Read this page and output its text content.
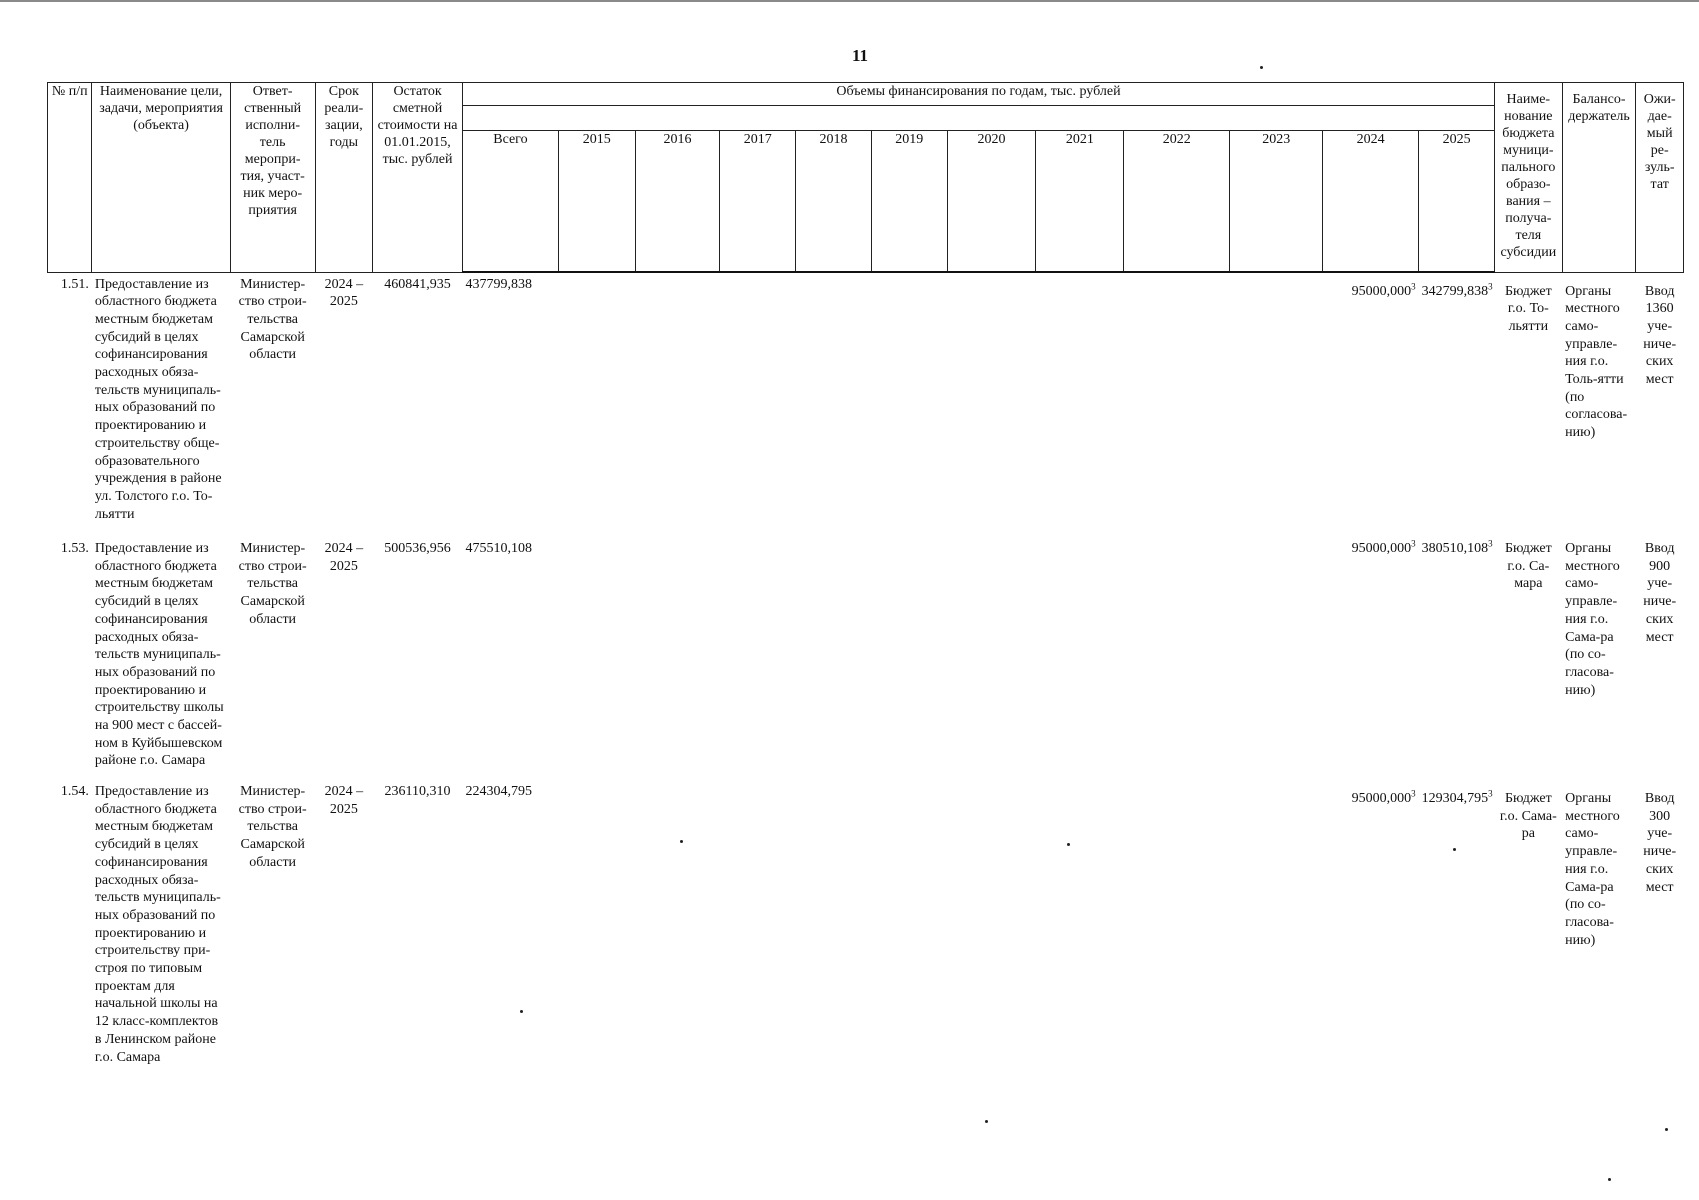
11
№ п/п	Наименование цели, задачи, мероприятия (объекта)	Ответ-ственный исполни-тель меропри-тия, участ-ник меро-приятия	Срок реали-зации, годы	Остаток сметной стоимости на 01.01.2015, тыс. рублей	Объемы финансирования по годам, тыс. рублей												Наиме-нование бюджета муници-пального образо-вания – получа-теля субсидии	Балансо-держатель	Ожи-дае-мый ре-зуль-тат

					Всего	2015	2016	2017	2018	2019	2020	2021	2022	2023	2024	2025			
1.51.	Предоставление из областного бюджета местным бюджетам субсидий в целях софинансирования расходных обяза-тельств муниципаль-ных образований по проектированию и строительству обще-образовательного учреждения в районе ул. Толстого г.о. То-льятти	Министер-ство строи-тельства Самарской области	2024 – 2025	460841,935	437799,838										95000,000$^3$	342799,838$^3$	Бюджет г.о. То-льятти	Органы местного само-управле-ния г.о. Толь-ятти (по согласова-нию)	Ввод 1360 уче-ниче-ских мест
1.53.	Предоставление из областного бюджета местным бюджетам субсидий в целях софинансирования расходных обяза-тельств муниципаль-ных образований по проектированию и строительству школы на 900 мест с бассей-ном в Куйбышевском районе г.о. Самара	Министер-ство строи-тельства Самарской области	2024 – 2025	500536,956	475510,108										95000,000$^3$	380510,108$^3$	Бюджет г.о. Са-мара	Органы местного само-управле-ния г.о. Сама-ра (по со-гласова-нию)	Ввод 900 уче-ниче-ских мест
1.54.	Предоставление из областного бюджета местным бюджетам субсидий в целях софинансирования расходных обяза-тельств муниципаль-ных образований по проектированию и строительству при-строя по типовым проектам для начальной школы на 12 класс-комплектов в Ленинском районе г.о. Самара	Министер-ство строи-тельства Самарской области	2024 – 2025	236110,310	224304,795										95000,000$^3$	129304,795$^3$	Бюджет г.о. Сама-ра	Органы местного само-управле-ния г.о. Сама-ра (по со-гласова-нию)	Ввод 300 уче-ниче-ских мест
